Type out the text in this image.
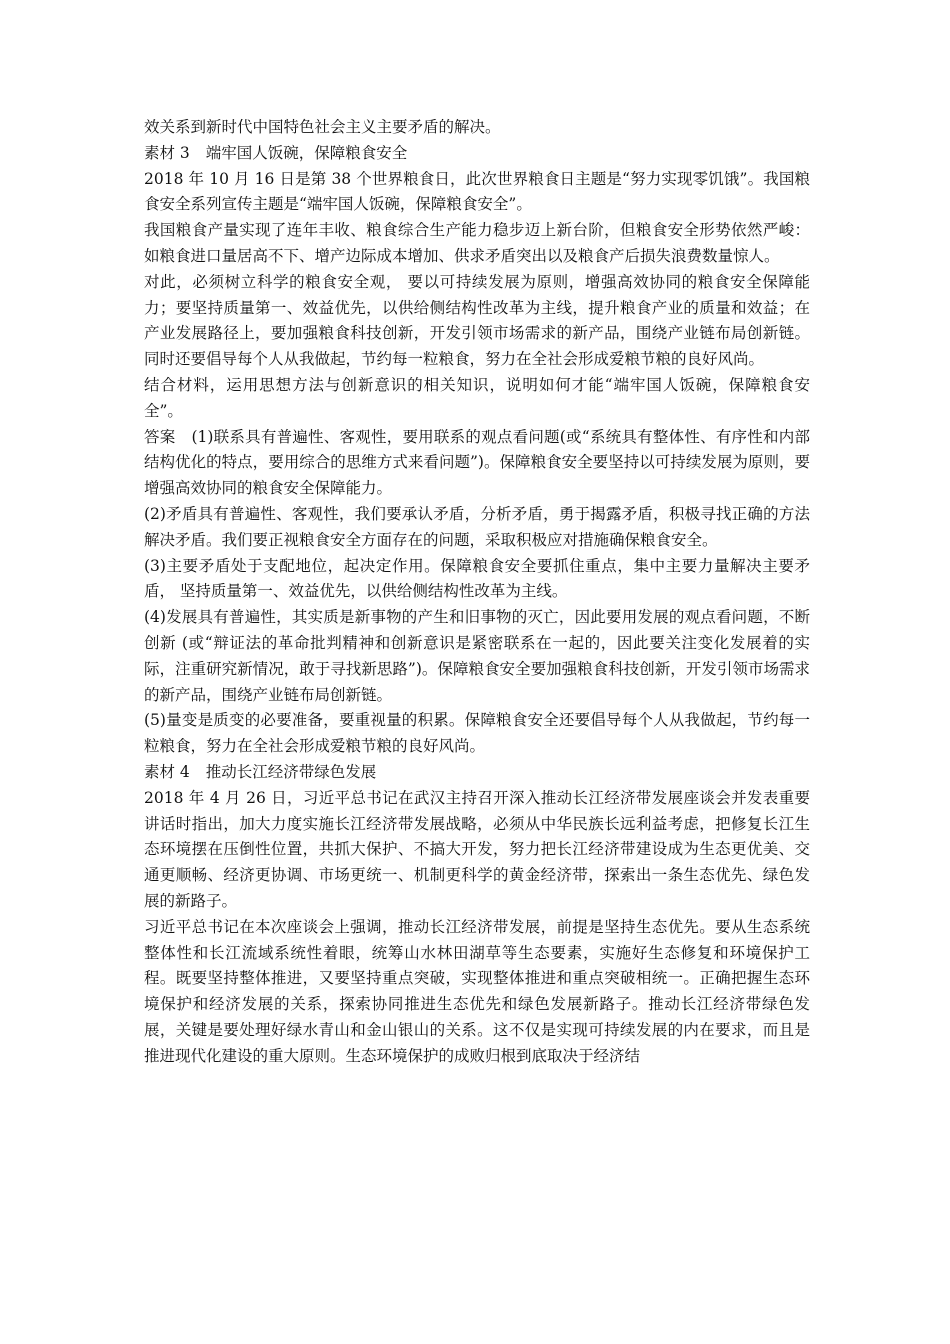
效关系到新时代中国特色社会主义主要矛盾的解决。

素材 3 端牢国人饭碗，保障粮食安全

2018 年 10 月 16 日是第 38 个世界粮食日，此次世界粮食日主题是“努力实现零饥饿”。我国粮食安全系列宣传主题是“端牢国人饭碗，保障粮食安全”。

我国粮食产量实现了连年丰收、粮食综合生产能力稳步迈上新台阶，但粮食安全形势依然严峻：如粮食进口量居高不下、增产边际成本增加、供求矛盾突出以及粮食产后损失浪费数量惊人。

对此，必须树立科学的粮食安全观， 要以可持续发展为原则，增强高效协同的粮食安全保障能力；要坚持质量第一、效益优先，以供给侧结构性改革为主线，提升粮食产业的质量和效益；在产业发展路径上，要加强粮食科技创新，开发引领市场需求的新产品，围绕产业链布局创新链。同时还要倡导每个人从我做起，节约每一粒粮食，努力在全社会形成爱粮节粮的良好风尚。

结合材料，运用思想方法与创新意识的相关知识，说明如何才能“端牢国人饭碗，保障粮食安全”。

答案 (1)联系具有普遍性、客观性，要用联系的观点看问题(或“系统具有整体性、有序性和内部结构优化的特点，要用综合的思维方式来看问题”)。保障粮食安全要坚持以可持续发展为原则，要增强高效协同的粮食安全保障能力。

(2)矛盾具有普遍性、客观性，我们要承认矛盾，分析矛盾，勇于揭露矛盾，积极寻找正确的方法解决矛盾。我们要正视粮食安全方面存在的问题，采取积极应对措施确保粮食安全。

(3)主要矛盾处于支配地位，起决定作用。保障粮食安全要抓住重点，集中主要力量解决主要矛盾， 坚持质量第一、效益优先，以供给侧结构性改革为主线。

(4)发展具有普遍性，其实质是新事物的产生和旧事物的灭亡，因此要用发展的观点看问题，不断创新 (或“辩证法的革命批判精神和创新意识是紧密联系在一起的，因此要关注变化发展着的实际，注重研究新情况，敢于寻找新思路”)。保障粮食安全要加强粮食科技创新，开发引领市场需求的新产品，围绕产业链布局创新链。

(5)量变是质变的必要准备，要重视量的积累。保障粮食安全还要倡导每个人从我做起，节约每一粒粮食，努力在全社会形成爱粮节粮的良好风尚。

素材 4 推动长江经济带绿色发展

2018 年 4 月 26 日，习近平总书记在武汉主持召开深入推动长江经济带发展座谈会并发表重要讲话时指出，加大力度实施长江经济带发展战略，必须从中华民族长远利益考虑，把修复长江生态环境摆在压倒性位置，共抓大保护、不搞大开发，努力把长江经济带建设成为生态更优美、交通更顺畅、经济更协调、市场更统一、机制更科学的黄金经济带，探索出一条生态优先、绿色发展的新路子。

习近平总书记在本次座谈会上强调，推动长江经济带发展，前提是坚持生态优先。要从生态系统整体性和长江流域系统性着眼，统筹山水林田湖草等生态要素，实施好生态修复和环境保护工程。既要坚持整体推进，又要坚持重点突破，实现整体推进和重点突破相统一。正确把握生态环境保护和经济发展的关系，探索协同推进生态优先和绿色发展新路子。推动长江经济带绿色发展，关键是要处理好绿水青山和金山银山的关系。这不仅是实现可持续发展的内在要求，而且是推进现代化建设的重大原则。生态环境保护的成败归根到底取决于经济结
